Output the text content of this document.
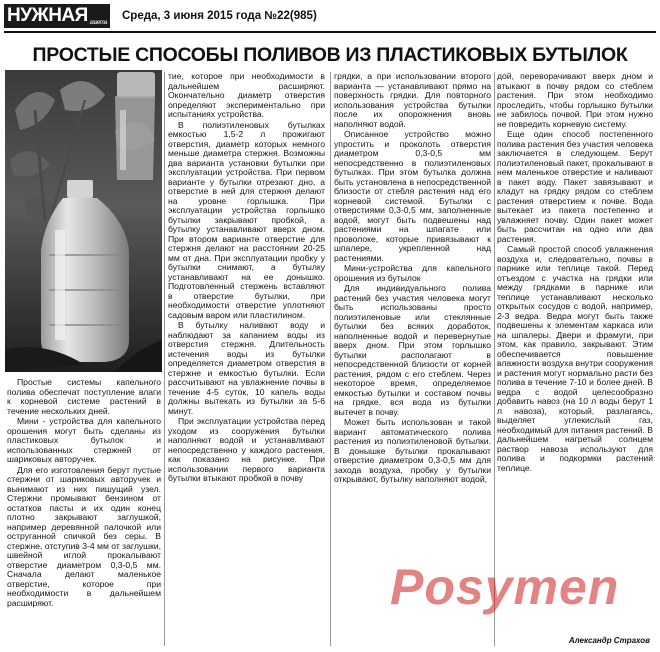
НУЖНАЯ газета
Среда, 3 июня 2015 года №22(985)
ПРОСТЫЕ СПОСОБЫ ПОЛИВОВ ИЗ ПЛАСТИКОВЫХ БУТЫЛОК

Простые системы капельного полива обеспечат поступление влаги к корневой системе растений в течение нескольких дней.

Мини - устройства для капельного орошения могут быть сделаны из пластиковых бутылок и использованных стержней от шариковых авторучек.

Для его изготовления берут пустые стержни от шариковых авторучек и вынимают из них пишущий узел. Стержни промывают бензином от остатков пасты и их один конец плотно закрывают заглушкой, например деревянной палочкой или оструганной спичкой без серы. В стержне, отступив 3-4 мм от заглушки, швейной иглой прокалывают отверстие диаметром 0,3-0,5 мм. Сначала делают маленькое отверстие, которое при необходимости в дальнейшем расширяют.

тие, которое при необходимости в дальнейшем расширяют. Окончательно диаметр отверстия определяют экспериментально при испытаниях устройства.

В полиэтиленовых бутылках емкостью 1,5-2 л прожигают отверстия, диаметр которых немного меньше диаметра стержня. Возможны два варианта установки бутылки при эксплуатации устройства. При первом варианте у бутылки отрезают дно, а отверстие в ней для стержня делают на уровне горлышка. При эксплуатации устройства горлышко бутылки закрывают пробкой, а бутылку устанавливают вверх дном. При втором варианте отверстие для стержня делают на расстоянии 20-25 мм от дна. При эксплуатации пробку у бутылки снимают, а бутылку устанавливают на ее донышко. Подготовленный стержень вставляют в отверстие бутылки, при необходимости отверстие уплотняют садовым варом или пластилином.

В бутылку наливают воду и наблюдают за капанием воды из отверстия стержня. Длительность истечения воды из бутылки определяется диаметром отверстия в стержне и емкостью бутылки. Если рассчитывают на увлажнение почвы в течение 4-5 суток, 10 капель воды должны вытекать из бутылки за 5-6 минут.

При эксплуатации устройства перед уходом из сооружения бутылки наполняют водой и устанавливают непосредственно у каждого растения, как показано на рисунке. При использовании первого варианта бутылки втыкают пробкой в почву

грядки, а при использовании второго варианта — устанавливают прямо на поверхность грядки. Для повторного использования устройства бутылки после их опорожнения вновь наполняют водой.

Описанное устройство можно упростить и проколоть отверстия диаметром 0,3-0,5 мм непосредственно в полиэтиленовых бутылках. При этом бутылка должна быть установлена в непосредственной близости от стебля растения над его корневой системой. Бутылки с отверстиями 0,3-0,5 мм, заполненные водой, могут быть подвешены над растениями на шпагате или проволоке, которые привязывают к шпалере, укрепленной над растениями.

Мини-устройства для капельного орошения из бутылок

Для индивидуального полива растений без участия человека могут быть использованы просто полиэтиленовые или стеклянные бутылки без всяких доработок, наполненные водой и перевернутые вверх дном. При этом горлышко бутылки располагают в непосредственной близости от корней растения, рядом с его стеблем. Через некоторое время, определяемое емкостью бутылки и составом почвы на грядке, вся вода из бутылки вытечет в почву.

Может быть использован и такой вариант автоматического полива растения из полиэтиленовой бутылки. В донышке бутылки прокалывают отверстие диаметром 0,3-0,5 мм для захода воздуха, пробку у бутылки открывают, бутылку наполняют водой,

дой, переворачивают вверх дном и втыкают в почву рядом со стеблем растения. При этом необходимо проследить, чтобы горлышко бутылки не забилось почвой. При этом нужно не повредить корневую систему.

Еще один способ постепенного полива растения без участия человека заключается в следующем. Берут полиэтиленовый пакет, прокалывают в нем маленькое отверстие и наливают в пакет воду. Пакет завязывают и кладут на грядку рядом со стеблем растения отверстием к почве. Вода вытекает из пакета постепенно и увлажняет почву. Один пакет может быть рассчитан на одно или два растения.

Самый простой способ увлажнения воздуха и, следовательно, почвы в парнике или теплице такой. Перед отъездом с участка на грядки или между грядками в парнике или теплице устанавливают несколько открытых сосудов с водой, например, 2-3 ведра. Ведра могут быть также подвешены к элементам каркаса или на шпалеры. Двери и фрамуги, при этом, как правило, закрывают. Этим обеспечивается повышение влажности воздуха внутри сооружения и растения могут нормально расти без полива в течение 7-10 и более дней. В ведра с водой целесообразно добавить навоз (на 10 л воды берут 1 л навоза), который, разлагаясь, выделяет углекислый газ, необходимый для питания растений. В дальнейшем нагретый солнцем раствор навоза используют для полива и подкормки растений теплице.

Александр Страхов
Posymen
